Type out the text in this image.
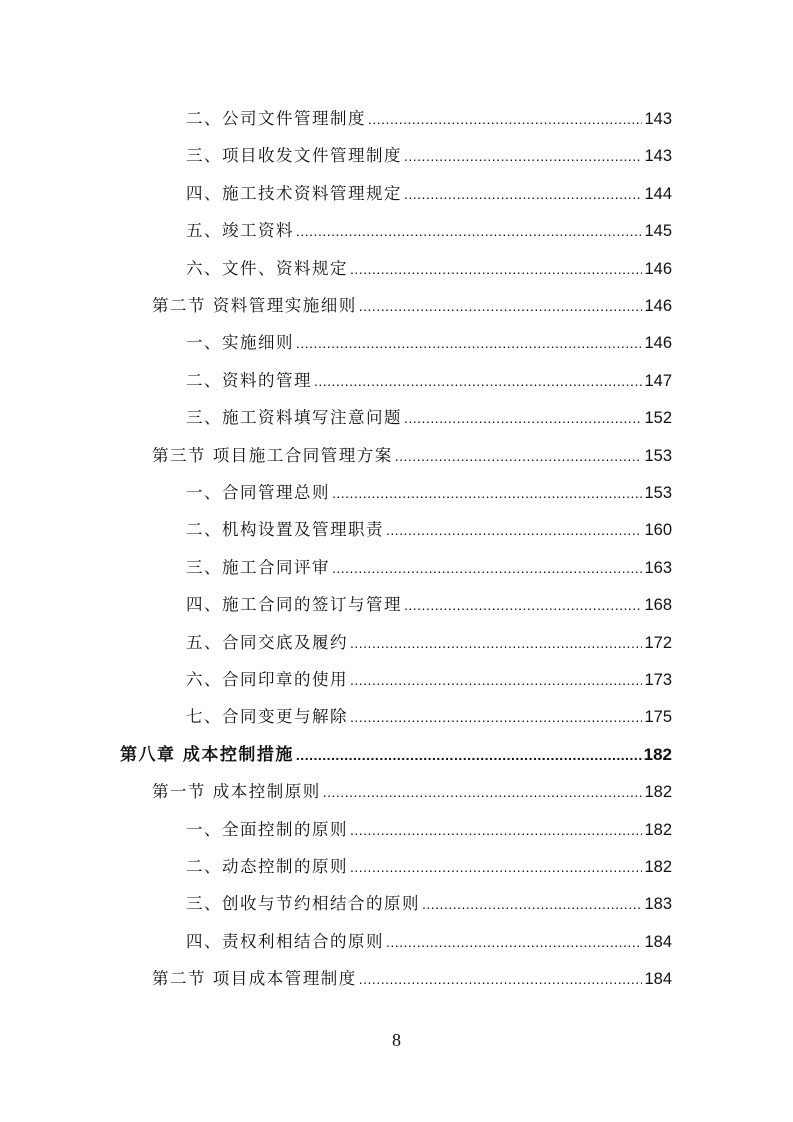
二、公司文件管理制度 .....	143
三、项目收发文件管理制度 .....	143
四、施工技术资料管理规定 .....	144
五、竣工资料 .....	145
六、文件、资料规定 .....	146
第二节 资料管理实施细则 .....	146
一、实施细则 .....	146
二、资料的管理 .....	147
三、施工资料填写注意问题 .....	152
第三节 项目施工合同管理方案 .....	153
一、合同管理总则 .....	153
二、机构设置及管理职责 .....	160
三、施工合同评审 .....	163
四、施工合同的签订与管理 .....	168
五、合同交底及履约 .....	172
六、合同印章的使用 .....	173
七、合同变更与解除 .....	175
第八章 成本控制措施 .....	182
第一节 成本控制原则 .....	182
一、全面控制的原则 .....	182
二、动态控制的原则 .....	182
三、创收与节约相结合的原则 .....	183
四、责权利相结合的原则 .....	184
第二节 项目成本管理制度 .....	184
8
